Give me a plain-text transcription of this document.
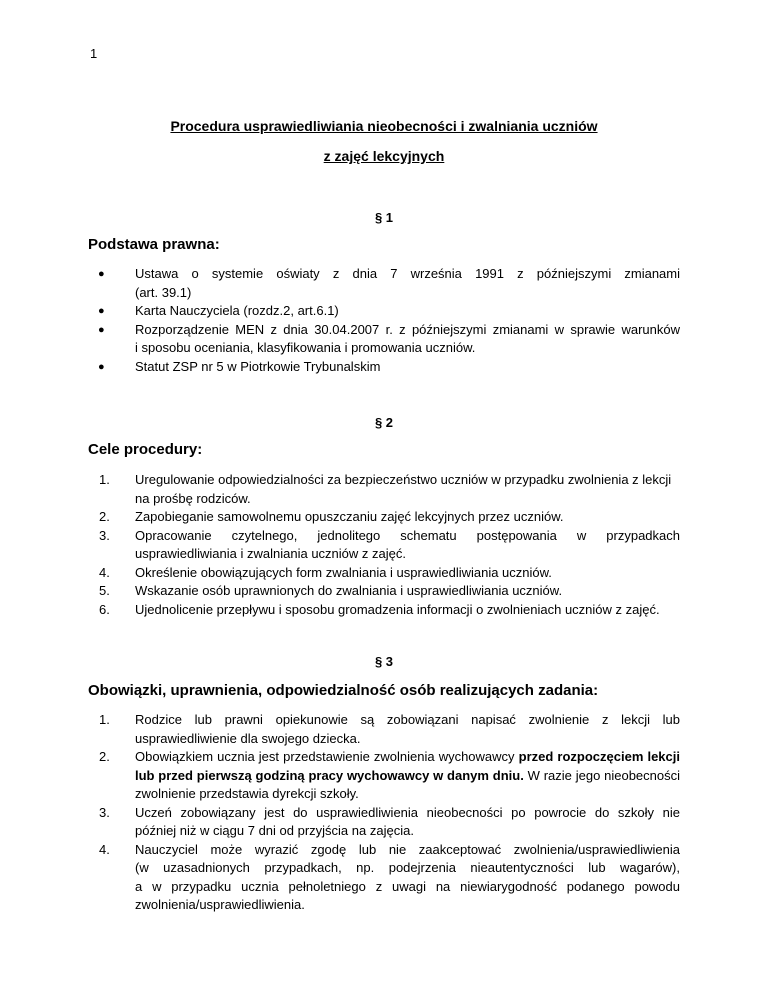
1
Procedura usprawiedliwiania nieobecności i zwalniania uczniów
z zajęć lekcyjnych
§ 1
Podstawa prawna:
●	Ustawa o systemie oświaty z dnia 7 września 1991 z późniejszymi zmianami
(art. 39.1)
●	Karta Nauczyciela (rozdz.2, art.6.1)
●	Rozporządzenie MEN z dnia 30.04.2007 r. z późniejszymi zmianami w sprawie warunków
i sposobu oceniania, klasyfikowania i promowania uczniów.
●	Statut ZSP nr 5 w Piotrkowie Trybunalskim
§ 2
Cele procedury:
1.	Uregulowanie odpowiedzialności za bezpieczeństwo uczniów w przypadku zwolnienia z lekcji
na prośbę rodziców.
2.	Zapobieganie samowolnemu opuszczaniu zajęć lekcyjnych przez uczniów.
3.	Opracowanie czytelnego, jednolitego schematu postępowania w przypadkach
usprawiedliwiania i zwalniania uczniów z zajęć.
4.	Określenie obowiązujących form zwalniania i usprawiedliwiania uczniów.
5.	Wskazanie osób uprawnionych do zwalniania i usprawiedliwiania uczniów.
6.	Ujednolicenie przepływu i sposobu gromadzenia informacji o zwolnieniach uczniów z zajęć.
§ 3
Obowiązki, uprawnienia, odpowiedzialność osób realizujących zadania:
1.	Rodzice lub prawni opiekunowie są zobowiązani napisać zwolnienie z lekcji lub
usprawiedliwienie dla swojego dziecka.
2.	Obowiązkiem ucznia jest przedstawienie zwolnienia wychowawcy przed rozpoczęciem lekcji
lub przed pierwszą godziną pracy wychowawcy w danym dniu. W razie jego nieobecności
zwolnienie przedstawia dyrekcji szkoły.
3.	Uczeń zobowiązany jest do usprawiedliwienia nieobecności po powrocie do szkoły nie
później niż w ciągu 7 dni od przyjścia na zajęcia.
4.	Nauczyciel może wyrazić zgodę lub nie zaakceptować zwolnienia/usprawiedliwienia
(w uzasadnionych przypadkach, np. podejrzenia nieautentyczności lub wagarów),
a w przypadku ucznia pełnoletniego z uwagi na niewiarygodność podanego powodu
zwolnienia/usprawiedliwienia.
